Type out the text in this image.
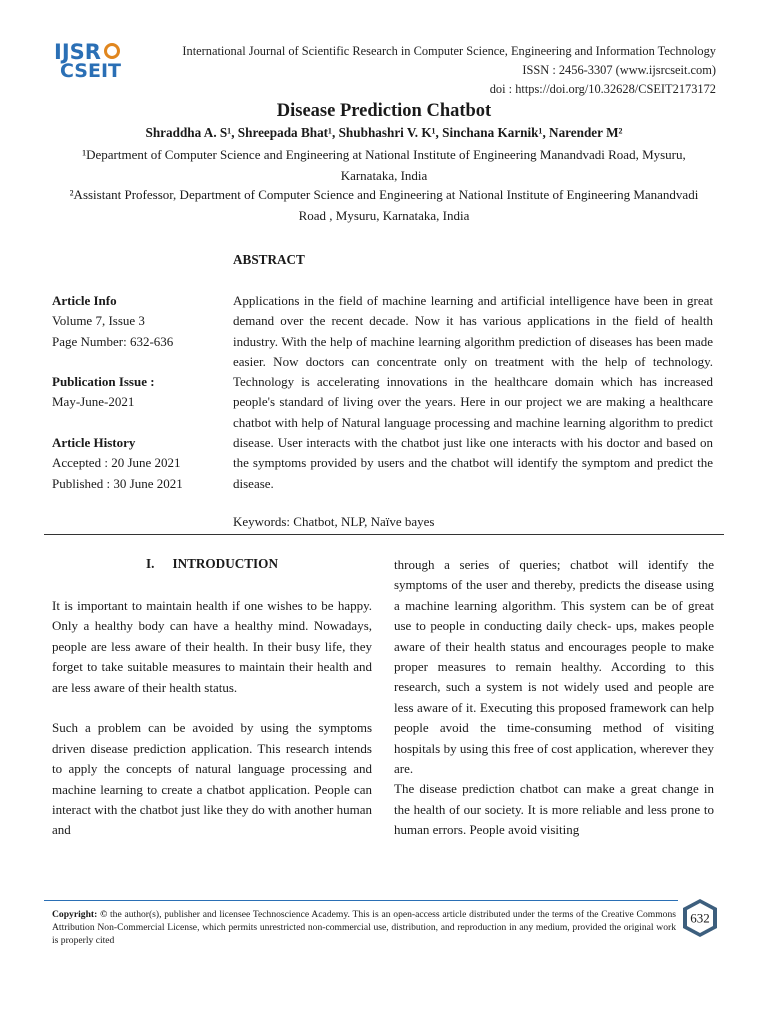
IJSR
CSEIT
International Journal of Scientific Research in Computer Science, Engineering and Information Technology
ISSN : 2456-3307 (www.ijsrcseit.com)
doi : https://doi.org/10.32628/CSEIT2173172
Disease Prediction Chatbot
Shraddha A. S¹, Shreepada Bhat¹, Shubhashri V. K¹, Sinchana Karnik¹, Narender M²
¹Department of Computer Science and Engineering at National Institute of Engineering Manandvadi Road, Mysuru, Karnataka, India
²Assistant Professor, Department of Computer Science and Engineering at National Institute of Engineering Manandvadi Road , Mysuru, Karnataka, India
ABSTRACT
Article Info
Volume 7, Issue 3
Page Number: 632-636
Publication Issue :
May-June-2021
Article History
Accepted : 20 June 2021
Published : 30 June 2021
Applications in the field of machine learning and artificial intelligence have been in great demand over the recent decade. Now it has various applications in the field of health industry. With the help of machine learning algorithm prediction of diseases has been made easier. Now doctors can concentrate only on treatment with the help of technology. Technology is accelerating innovations in the healthcare domain which has increased people's standard of living over the years. Here in our project we are making a healthcare chatbot with help of Natural language processing and machine learning algorithm to predict disease. User interacts with the chatbot just like one interacts with his doctor and based on the symptoms provided by users and the chatbot will identify the symptom and predict the disease.
Keywords: Chatbot, NLP, Naïve bayes
I. INTRODUCTION

It is important to maintain health if one wishes to be happy. Only a healthy body can have a healthy mind. Nowadays, people are less aware of their health. In their busy life, they forget to take suitable measures to maintain their health and are less aware of their health status.

Such a problem can be avoided by using the symptoms driven disease prediction application. This research intends to apply the concepts of natural language processing and machine learning to create a chatbot application. People can interact with the chatbot just like they do with another human and

through a series of queries; chatbot will identify the symptoms of the user and thereby, predicts the disease using a machine learning algorithm. This system can be of great use to people in conducting daily check- ups, makes people aware of their health status and encourages people to make proper measures to remain healthy. According to this research, such a system is not widely used and people are less aware of it. Executing this proposed framework can help people avoid the time-consuming method of visiting hospitals by using this free of cost application, wherever they are.

The disease prediction chatbot can make a great change in the health of our society. It is more reliable and less prone to human errors. People avoid visiting

Copyright: © the author(s), publisher and licensee Technoscience Academy. This is an open-access article distributed under the terms of the Creative Commons Attribution Non-Commercial License, which permits unrestricted non-commercial use, distribution, and reproduction in any medium, provided the original work is properly cited
632
